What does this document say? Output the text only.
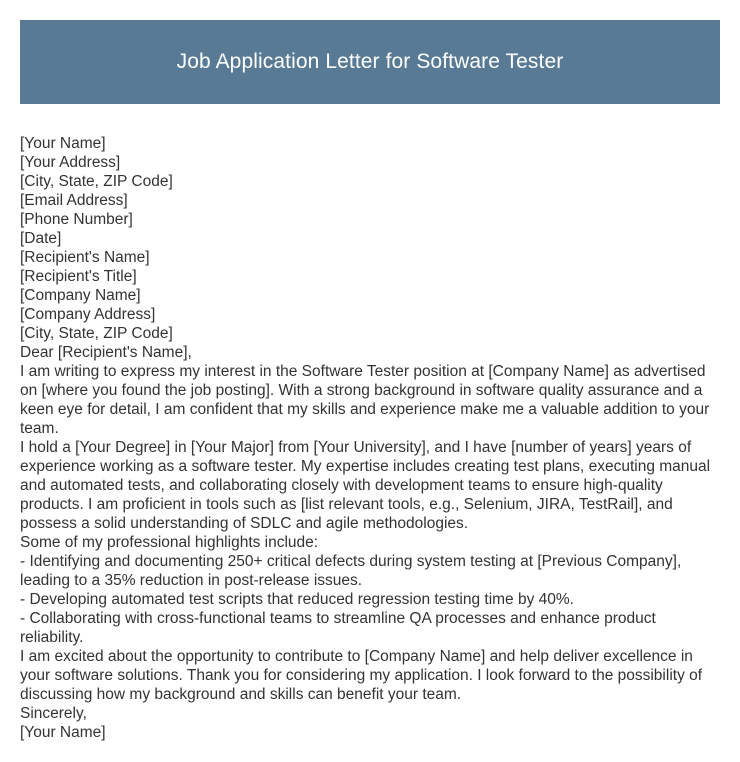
Job Application Letter for Software Tester
[Your Name]
[Your Address]
[City, State, ZIP Code]
[Email Address]
[Phone Number]
[Date]
[Recipient's Name]
[Recipient's Title]
[Company Name]
[Company Address]
[City, State, ZIP Code]
Dear [Recipient's Name],

I am writing to express my interest in the Software Tester position at [Company Name] as advertised on [where you found the job posting]. With a strong background in software quality assurance and a keen eye for detail, I am confident that my skills and experience make me a valuable addition to your team.

I hold a [Your Degree] in [Your Major] from [Your University], and I have [number of years] years of experience working as a software tester. My expertise includes creating test plans, executing manual and automated tests, and collaborating closely with development teams to ensure high-quality products. I am proficient in tools such as [list relevant tools, e.g., Selenium, JIRA, TestRail], and possess a solid understanding of SDLC and agile methodologies.

Some of my professional highlights include:

- Identifying and documenting 250+ critical defects during system testing at [Previous Company], leading to a 35% reduction in post-release issues.

- Developing automated test scripts that reduced regression testing time by 40%.

- Collaborating with cross-functional teams to streamline QA processes and enhance product reliability.

I am excited about the opportunity to contribute to [Company Name] and help deliver excellence in your software solutions. Thank you for considering my application. I look forward to the possibility of discussing how my background and skills can benefit your team.

Sincerely,
[Your Name]
